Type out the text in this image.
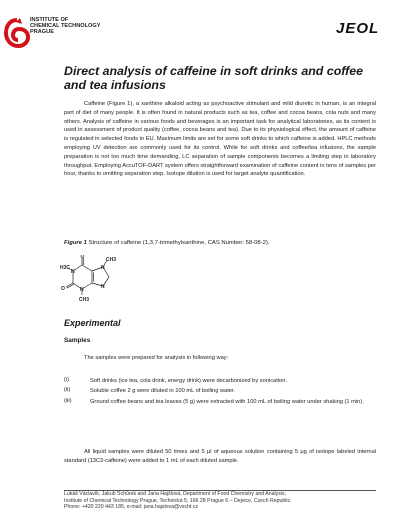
INSTITUTE OF
CHEMICAL TECHNOLOGY
PRAGUE	JEOL
Direct analysis of caffeine in soft drinks and coffee and tea infusions
Caffeine (Figure 1), a xanthine alkaloid acting as psychoactive stimulant and mild diuretic in human, is an integral part of diet of many people. It is often found in natural products such as tea, coffee and cocoa beans, cola nuts and many others. Analysis of caffeine in various foods and beverages is an important task for analytical laboratories, as its content is used in assessment of product quality (coffee, cocoa beans and tea). Due to its physiological effect, the amount of caffeine is regulated in selected foods in EU. Maximum limits are set for some soft drinks to which caffeine is added. HPLC methods employing UV detection are commonly used for its control. While for soft drinks and coffee/tea infusions, the sample preparation is not too much time demanding, LC separation of sample components becomes a limiting step in laboratory throughput. Employing AccuTOF-DART system offers straightforward examination of caffeine content in tens of samples per hour, thanks to omitting separation step. Isotope dilution is used for target analyte quantification.
Figure 1 Structure of caffeine (1,3,7-trimethylxanthine, CAS Number: 58-08-2).
O
N
N
N
N
O
H3C
CH3
CH3
Experimental
Samples
The samples were prepared for analysis in following way:
(i)	Soft drinks (ice tea, cola drink, energy drink) were decarbonized by sonication.
(ii)	Soluble coffee 2 g were diluted in 100 mL of boiling water.
(iii)	Ground coffee beans and tea leaves (5 g) were extracted with 100 mL of boiling water under shaking (1 min).
All liquid samples were diluted 50 times and 5 µl of aqueous solution containing 5 µg of isotope labeled internal standard (13C3-caffeine) were added to 1 mL of each diluted sample.
Lukáš Václavík, Jakub Schůrek and Jana Hajšlová, Department of Food Chemistry and Analysis,
Institute of Chemical Technology Prague, Technická 5, 166 28 Prague 6 – Dejvice, Czech Republic.
Phone: +420 220 443 185, e-mail: jana.hajslova@vscht.cz
